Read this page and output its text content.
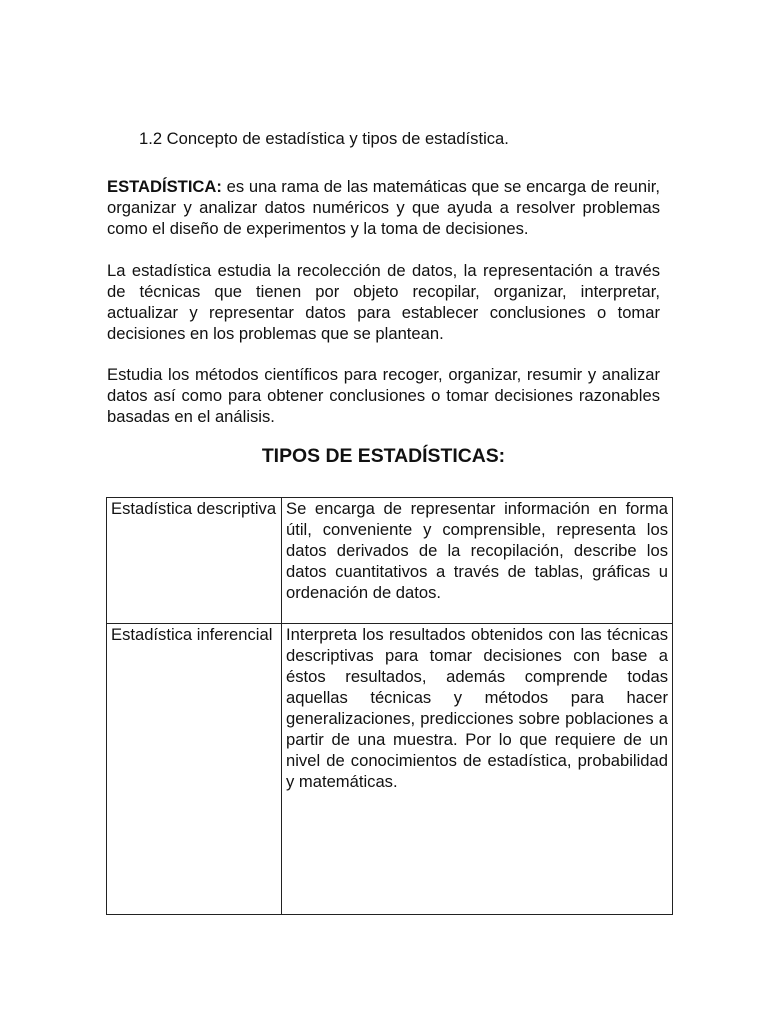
1.2 Concepto de estadística y tipos de estadística.

ESTADÍSTICA: es una rama de las matemáticas que se encarga de reunir, organizar y analizar datos numéricos y que ayuda a resolver problemas como el diseño de experimentos y la toma de decisiones.

La estadística estudia la recolección de datos, la representación a través de técnicas que tienen por objeto recopilar, organizar, interpretar, actualizar y representar datos para establecer conclusiones o tomar decisiones en los problemas que se plantean.

Estudia los métodos científicos para recoger, organizar, resumir y analizar datos así como para obtener conclusiones o tomar decisiones razonables basadas en el análisis.

TIPOS DE ESTADÍSTICAS:
Estadística descriptiva	Se encarga de representar información en forma útil, conveniente y comprensible, representa los datos derivados de la recopilación, describe los datos cuantitativos a través de tablas, gráficas u ordenación de datos.
Estadística inferencial	Interpreta los resultados obtenidos con las técnicas descriptivas para tomar decisiones con base a éstos resultados, además comprende todas aquellas técnicas y métodos para hacer generalizaciones, predicciones sobre poblaciones a partir de una muestra. Por lo que requiere de un nivel de conocimientos de estadística, probabilidad y matemáticas.
